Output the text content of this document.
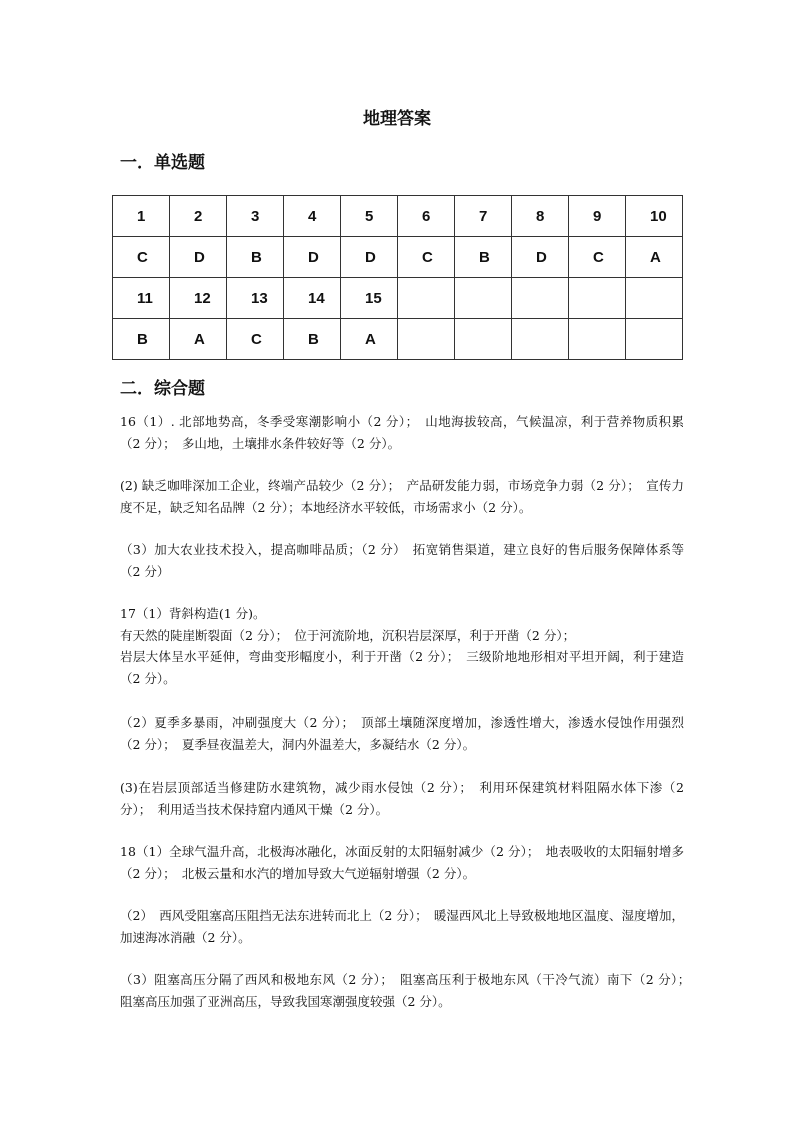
地理答案
一．单选题
1	2	3	4	5	6	7	8	9	10
C	D	B	D	D	C	B	D	C	A
11	12	13	14	15					
B	A	C	B	A					
二．综合题

16（1）. 北部地势高，冬季受寒潮影响小（2 分）；　山地海拔较高，气候温凉，利于营养物质积累（2 分）；　多山地，土壤排水条件较好等（2 分）。

(2) 缺乏咖啡深加工企业，终端产品较少（2 分）；　产品研发能力弱，市场竞争力弱（2 分）；　宣传力度不足，缺乏知名品牌（2 分）；本地经济水平较低，市场需求小（2 分）。

（3）加大农业技术投入，提高咖啡品质；（2 分）　拓宽销售渠道，建立良好的售后服务保障体系等（2 分）

17（1）背斜构造(1 分)。
有天然的陡崖断裂面（2 分）；　位于河流阶地，沉积岩层深厚，利于开凿（2 分）；
岩层大体呈水平延伸，弯曲变形幅度小，利于开凿（2 分）；　三级阶地地形相对平坦开阔，利于建造（2 分）。

（2）夏季多暴雨，冲刷强度大（2 分）；　顶部土壤随深度增加，渗透性增大，渗透水侵蚀作用强烈（2 分）；　夏季昼夜温差大，洞内外温差大，多凝结水（2 分）。

(3)在岩层顶部适当修建防水建筑物，减少雨水侵蚀（2 分）；　利用环保建筑材料阻隔水体下渗（2 分）；　利用适当技术保持窟内通风干燥（2 分）。

18（1）全球气温升高，北极海冰融化，冰面反射的太阳辐射减少（2 分）；　地表吸收的太阳辐射增多（2 分）；　北极云量和水汽的增加导致大气逆辐射增强（2 分）。

（2）　西风受阻塞高压阻挡无法东进转而北上（2 分）；　暖湿西风北上导致极地地区温度、湿度增加，加速海冰消融（2 分）。

（3）阻塞高压分隔了西风和极地东风（2 分）；　阻塞高压利于极地东风（干冷气流）南下（2 分）；　阻塞高压加强了亚洲高压，导致我国寒潮强度较强（2 分）。
